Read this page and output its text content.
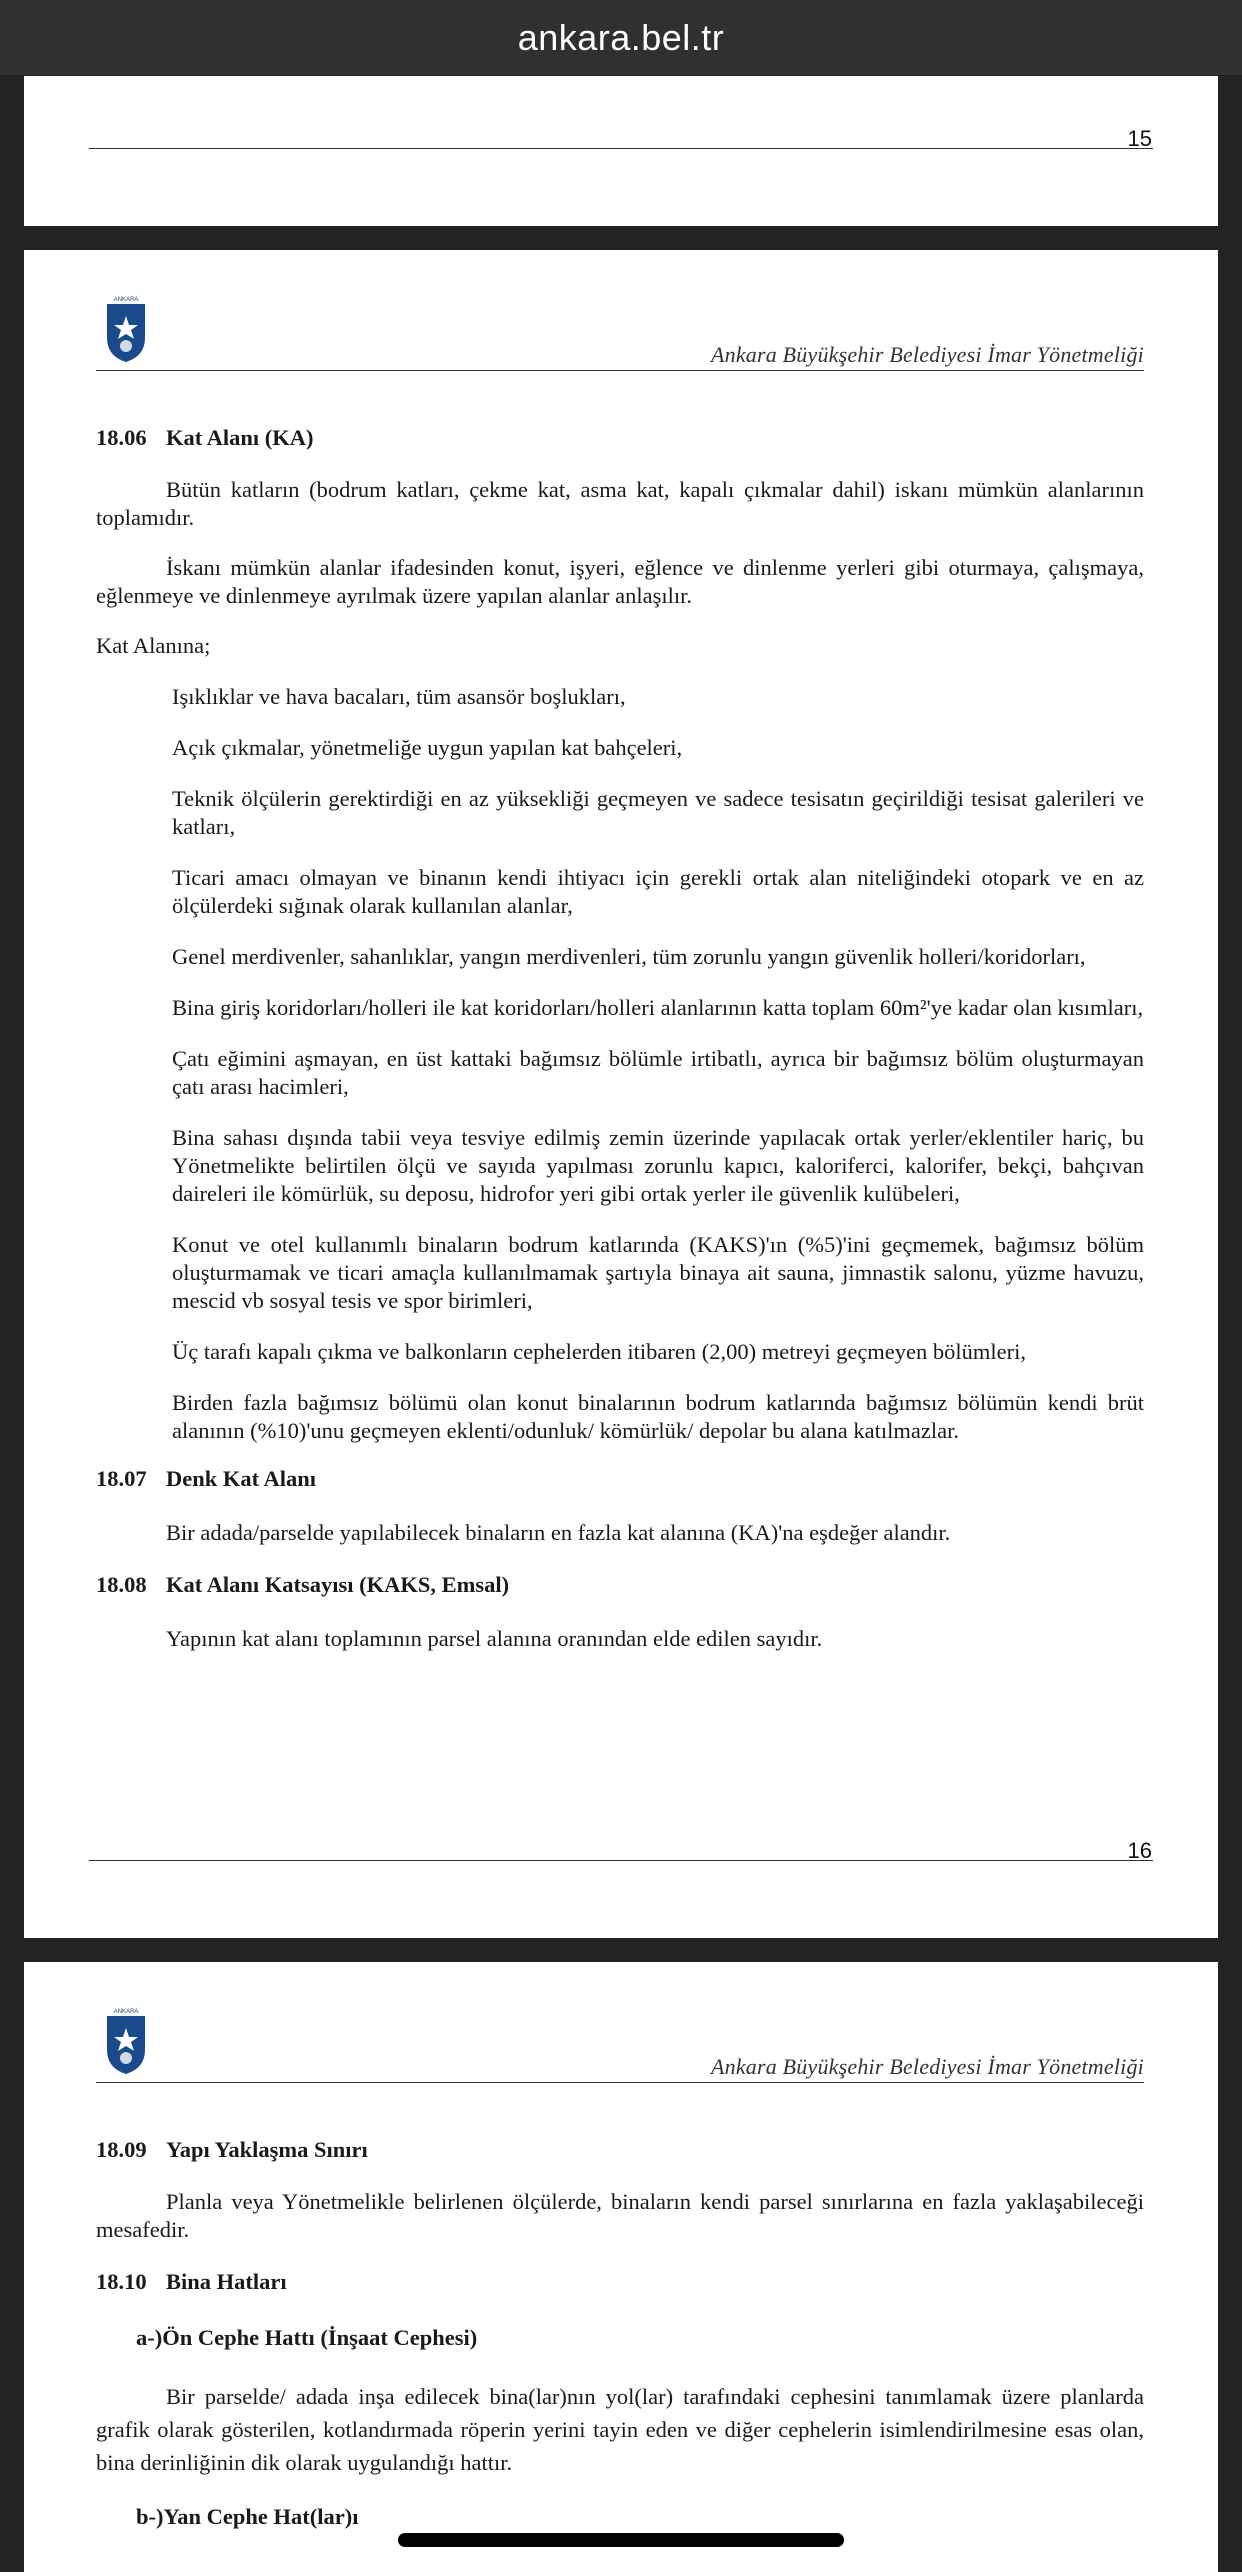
ankara.bel.tr
15
ANKARA
Ankara Büyükşehir Belediyesi İmar Yönetmeliği

18.06 Kat Alanı (KA)

Bütün katların (bodrum katları, çekme kat, asma kat, kapalı çıkmalar dahil) iskanı mümkün alanlarının toplamıdır.

İskanı mümkün alanlar ifadesinden konut, işyeri, eğlence ve dinlenme yerleri gibi oturmaya, çalışmaya, eğlenmeye ve dinlenmeye ayrılmak üzere yapılan alanlar anlaşılır.

Kat Alanına;

Işıklıklar ve hava bacaları, tüm asansör boşlukları,

Açık çıkmalar, yönetmeliğe uygun yapılan kat bahçeleri,

Teknik ölçülerin gerektirdiği en az yüksekliği geçmeyen ve sadece tesisatın geçirildiği tesisat galerileri ve katları,

Ticari amacı olmayan ve binanın kendi ihtiyacı için gerekli ortak alan niteliğindeki otopark ve en az ölçülerdeki sığınak olarak kullanılan alanlar,

Genel merdivenler, sahanlıklar, yangın merdivenleri, tüm zorunlu yangın güvenlik holleri/koridorları,

Bina giriş koridorları/holleri ile kat koridorları/holleri alanlarının katta toplam 60m²'ye kadar olan kısımları,

Çatı eğimini aşmayan, en üst kattaki bağımsız bölümle irtibatlı, ayrıca bir bağımsız bölüm oluşturmayan çatı arası hacimleri,

Bina sahası dışında tabii veya tesviye edilmiş zemin üzerinde yapılacak ortak yerler/eklentiler hariç, bu Yönetmelikte belirtilen ölçü ve sayıda yapılması zorunlu kapıcı, kaloriferci, kalorifer, bekçi, bahçıvan daireleri ile kömürlük, su deposu, hidrofor yeri gibi ortak yerler ile güvenlik kulübeleri,

Konut ve otel kullanımlı binaların bodrum katlarında (KAKS)'ın (%5)'ini geçmemek, bağımsız bölüm oluşturmamak ve ticari amaçla kullanılmamak şartıyla binaya ait sauna, jimnastik salonu, yüzme havuzu, mescid vb sosyal tesis ve spor birimleri,

Üç tarafı kapalı çıkma ve balkonların cephelerden itibaren (2,00) metreyi geçmeyen bölümleri,

Birden fazla bağımsız bölümü olan konut binalarının bodrum katlarında bağımsız bölümün kendi brüt alanının (%10)'unu geçmeyen eklenti/odunluk/ kömürlük/ depolar bu alana katılmazlar.

18.07 Denk Kat Alanı

Bir adada/parselde yapılabilecek binaların en fazla kat alanına (KA)'na eşdeğer alandır.

18.08 Kat Alanı Katsayısı (KAKS, Emsal)

Yapının kat alanı toplamının parsel alanına oranından elde edilen sayıdır.

16
ANKARA
Ankara Büyükşehir Belediyesi İmar Yönetmeliği

18.09 Yapı Yaklaşma Sınırı

Planla veya Yönetmelikle belirlenen ölçülerde, binaların kendi parsel sınırlarına en fazla yaklaşabileceği mesafedir.

18.10 Bina Hatları

a-)Ön Cephe Hattı (İnşaat Cephesi)

Bir parselde/ adada inşa edilecek bina(lar)nın yol(lar) tarafındaki cephesini tanımlamak üzere planlarda grafik olarak gösterilen, kotlandırmada röperin yerini tayin eden ve diğer cephelerin isimlendirilmesine esas olan, bina derinliğinin dik olarak uygulandığı hattır.

b-)Yan Cephe Hat(lar)ı
